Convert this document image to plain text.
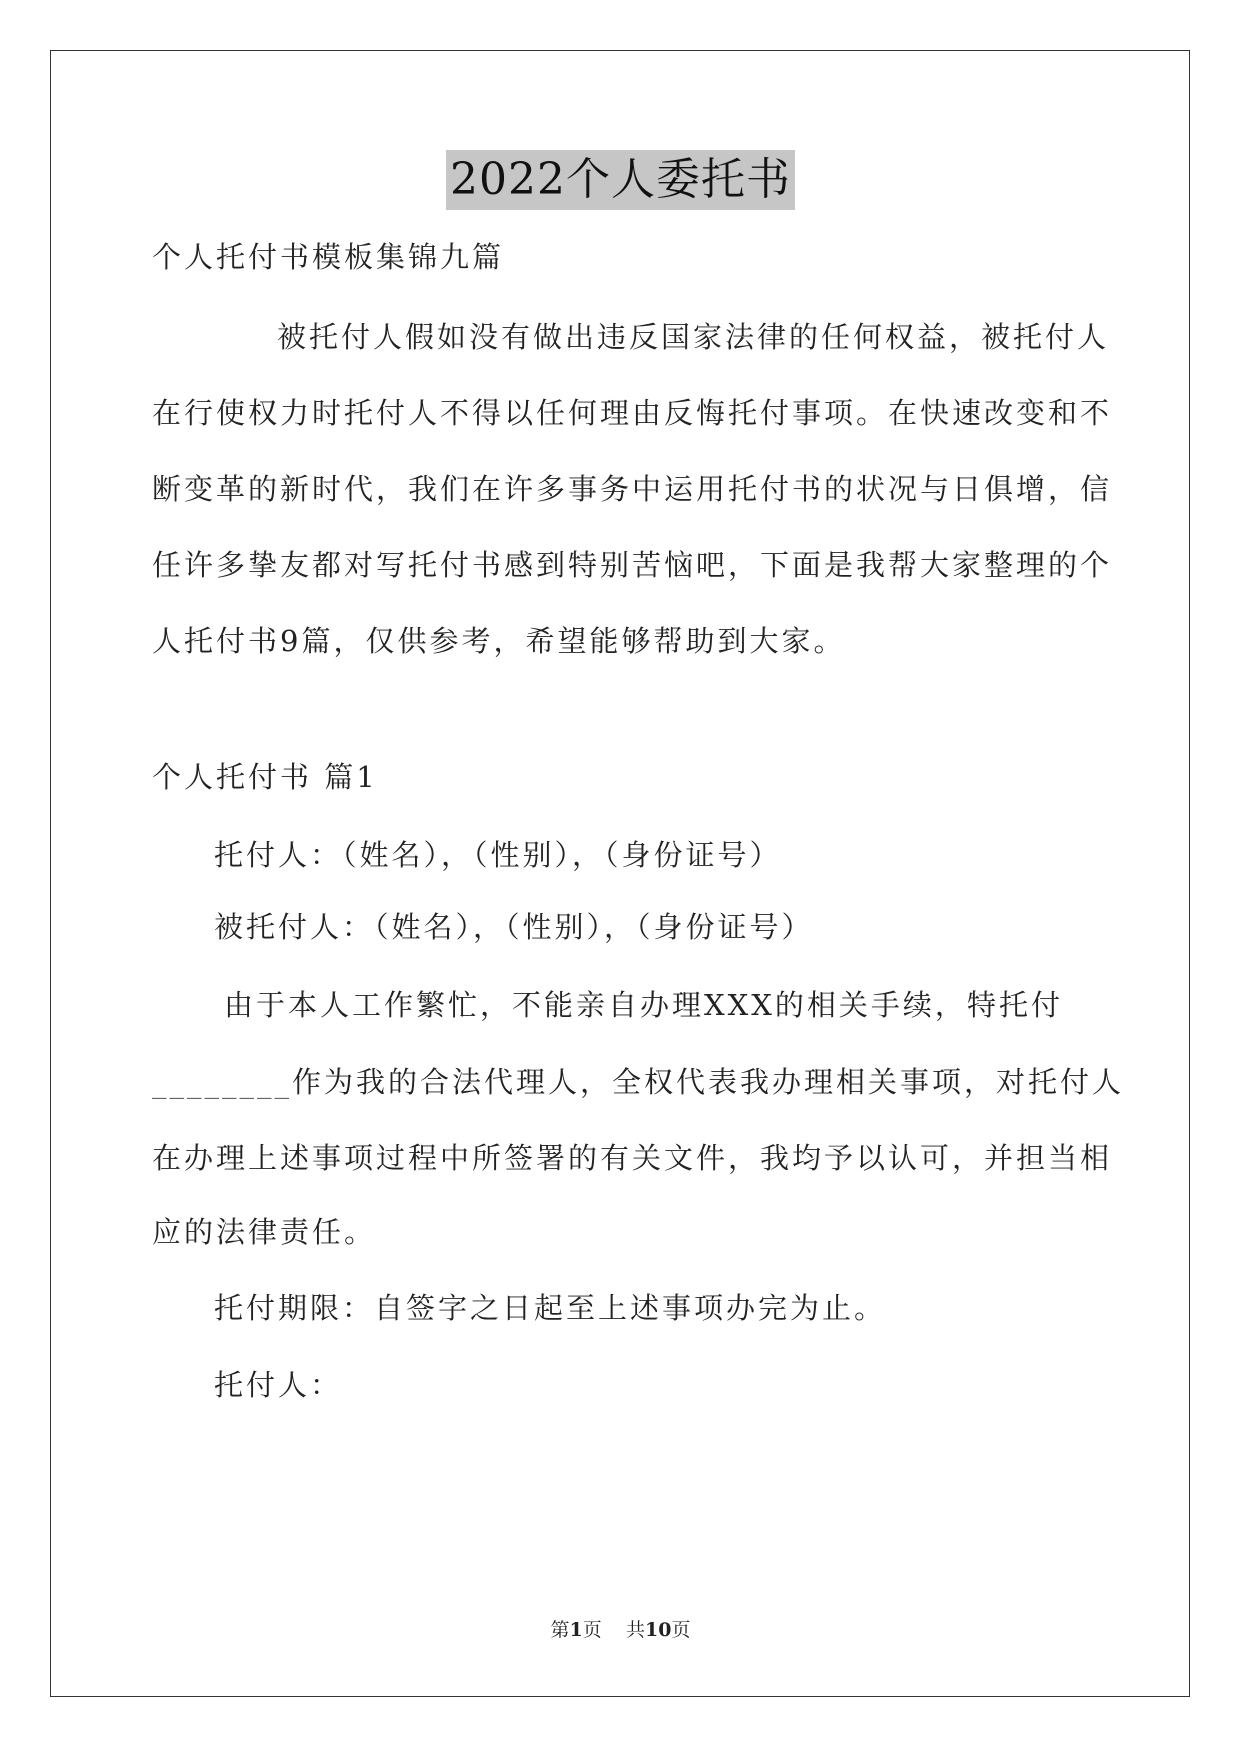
2022个人委托书
个人托付书模板集锦九篇
被托付人假如没有做出违反国家法律的任何权益，被托付人
在行使权力时托付人不得以任何理由反悔托付事项。在快速改变和不
断变革的新时代，我们在许多事务中运用托付书的状况与日俱增，信
任许多挚友都对写托付书感到特别苦恼吧，下面是我帮大家整理的个
人托付书9篇，仅供参考，希望能够帮助到大家。
个人托付书 篇1
托付人：（姓名），（性别），（身份证号）
被托付人：（姓名），（性别），（身份证号）
由于本人工作繁忙，不能亲自办理XXX的相关手续，特托付
________作为我的合法代理人，全权代表我办理相关事项，对托付人
在办理上述事项过程中所签署的有关文件，我均予以认可，并担当相
应的法律责任。
托付期限：自签字之日起至上述事项办完为止。
托付人：
第1页 共10页
